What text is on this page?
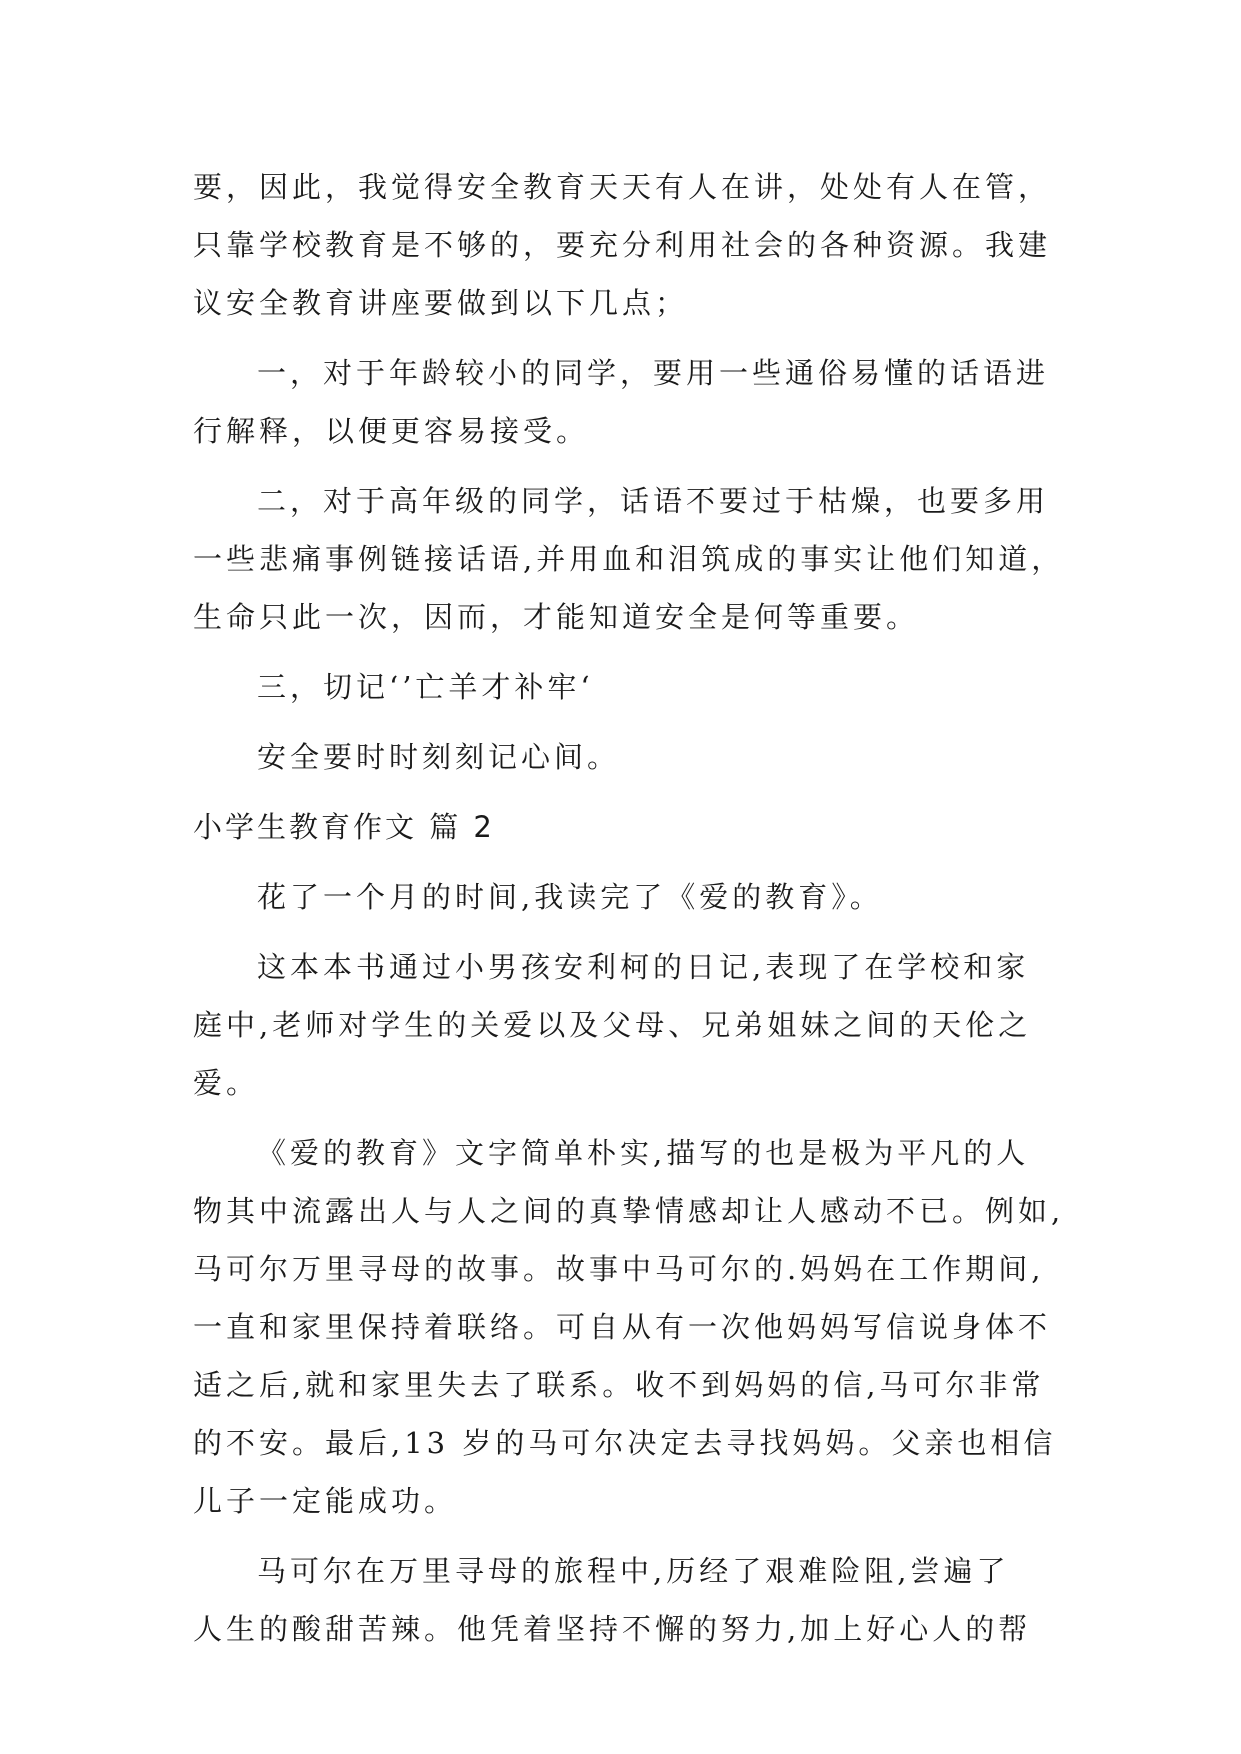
要，因此，我觉得安全教育天天有人在讲，处处有人在管，
只靠学校教育是不够的，要充分利用社会的各种资源。我建
议安全教育讲座要做到以下几点；
一，对于年龄较小的同学，要用一些通俗易懂的话语进
行解释，以便更容易接受。
二，对于高年级的同学，话语不要过于枯燥，也要多用
一些悲痛事例链接话语,并用血和泪筑成的事实让他们知道，
生命只此一次，因而，才能知道安全是何等重要。
三，切记‘’亡羊才补牢‘
安全要时时刻刻记心间。
小学生教育作文 篇 2
花了一个月的时间,我读完了《爱的教育》。
这本本书通过小男孩安利柯的日记,表现了在学校和家
庭中,老师对学生的关爱以及父母、兄弟姐妹之间的天伦之
爱。
《爱的教育》文字简单朴实,描写的也是极为平凡的人
物其中流露出人与人之间的真挚情感却让人感动不已。例如,
马可尔万里寻母的故事。故事中马可尔的.妈妈在工作期间,
一直和家里保持着联络。可自从有一次他妈妈写信说身体不
适之后,就和家里失去了联系。收不到妈妈的信,马可尔非常
的不安。最后,13 岁的马可尔决定去寻找妈妈。父亲也相信
儿子一定能成功。
马可尔在万里寻母的旅程中,历经了艰难险阻,尝遍了
人生的酸甜苦辣。他凭着坚持不懈的努力,加上好心人的帮
